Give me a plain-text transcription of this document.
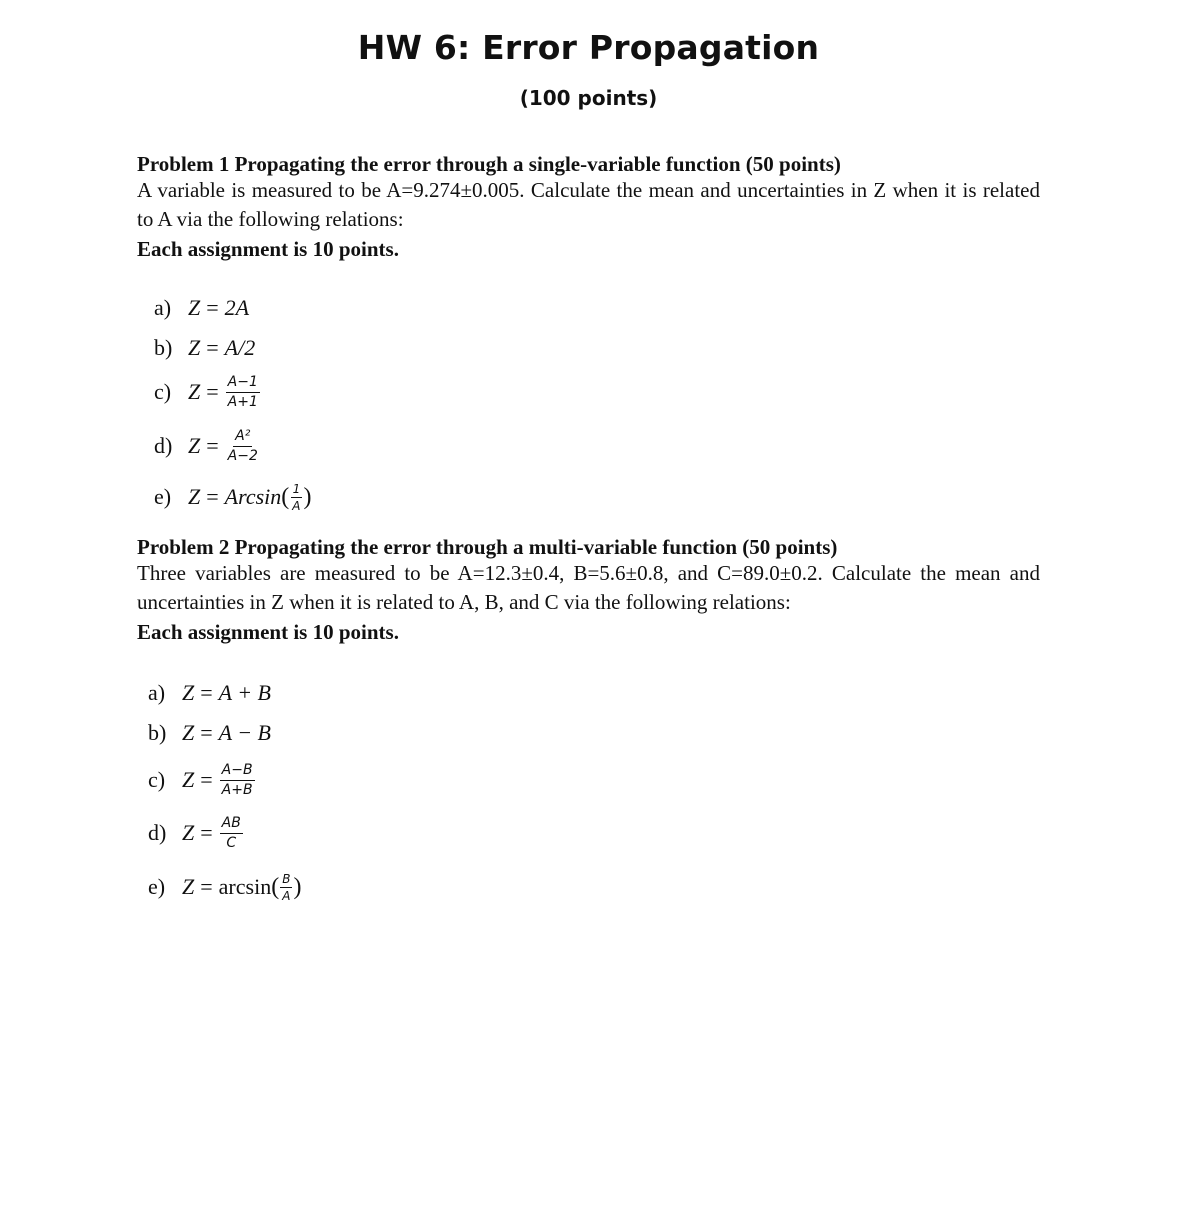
HW 6: Error Propagation
(100 points)
Problem 1 Propagating the error through a single-variable function (50 points)
A variable is measured to be A=9.274±0.005. Calculate the mean and uncertainties in Z when it is related to A via the following relations:
Each assignment is 10 points.
a) Z = 2A
b) Z = A/2
c) $Z = \frac{A-1}{A+1}$
d) $Z = \frac{\text{A²}}{A-2}$
e) Z = Arcsin ( $\frac{1}{A}$ )
Problem 2 Propagating the error through a multi-variable function (50 points)
Three variables are measured to be A=12.3±0.4, B=5.6±0.8, and C=89.0±0.2. Calculate the mean and uncertainties in Z when it is related to A, B, and C via the following relations:
Each assignment is 10 points.
a) Z = A + B
b) Z = A − B
c) $Z = \frac{A-B}{A+B}$
d) $Z = \frac{AB}{C}$
e) Z = arcsin ( $\frac{B}{A}$ )
